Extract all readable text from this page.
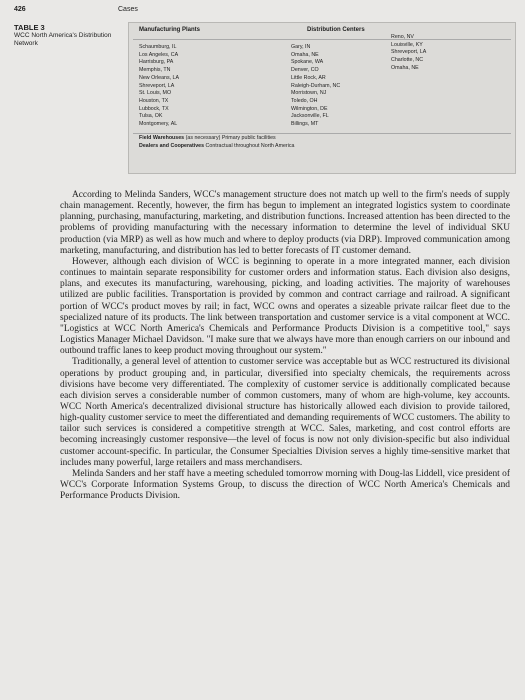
426	Cases
TABLE 3
WCC North America's Distribution Network
Manufacturing Plants	Distribution Centers
Schaumburg, IL
Los Angeles, CA
Harrisburg, PA
Memphis, TN
New Orleans, LA
Shreveport, LA
St. Louis, MO
Houston, TX
Lubbock, TX
Tulsa, OK
Montgomery, AL
Gary, IN
Omaha, NE
Spokane, WA
Denver, CO
Little Rock, AR
Raleigh-Durham, NC
Morristown, NJ
Toledo, OH
Wilmington, DE
Jacksonville, FL
Billings, MT
Reno, NV
Louisville, KY
Shreveport, LA
Charlotte, NC
Omaha, NE
Field Warehouses (as necessary) Primary public facilities
Dealers and Cooperatives Contractual throughout North America

According to Melinda Sanders, WCC's management structure does not match up well to the firm's needs of supply chain management. Recently, however, the firm has begun to implement an integrated logistics system to coordinate planning, purchasing, manufacturing, marketing, and distribution functions. Increased attention has been directed to the problems of providing manufacturing with the necessary information to determine the level of individual SKU production (via MRP) as well as how much and where to deploy products (via DRP). Improved communication among marketing, manufacturing, and distribution has led to better forecasts of IT customer demand.

However, although each division of WCC is beginning to operate in a more integrated manner, each division continues to maintain separate responsibility for customer orders and information status. Each division also designs, plans, and executes its manufacturing, warehousing, picking, and loading activities. The majority of warehouses utilized are public facilities. Transportation is provided by common and contract carriage and railroad. A significant portion of WCC's product moves by rail; in fact, WCC owns and operates a sizeable private railcar fleet due to the specialized nature of its products. The link between transportation and customer service is a vital component at WCC. "Logistics at WCC North America's Chemicals and Performance Products Division is a competitive tool," says Logistics Manager Michael Davidson. "I make sure that we always have more than enough carriers on our inbound and outbound traffic lanes to keep product moving throughout our system."

Traditionally, a general level of attention to customer service was acceptable but as WCC restructured its divisional operations by product grouping and, in particular, diversified into specialty chemicals, the requirements across divisions have become very differentiated. The complexity of customer service is additionally complicated because each division serves a considerable number of common customers, many of whom are high-volume, key accounts. WCC North America's decentralized divisional structure has historically allowed each division to provide tailored, high-quality customer service to meet the differentiated and demanding requirements of WCC customers. The ability to tailor such services is considered a competitive strength at WCC. Sales, marketing, and cost control efforts are becoming increasingly customer responsive—the level of focus is now not only division-specific but also individual customer account-specific. In particular, the Consumer Specialties Division serves a highly time-sensitive market that includes many powerful, large retailers and mass merchandisers.

Melinda Sanders and her staff have a meeting scheduled tomorrow morning with Doug-las Liddell, vice president of WCC's Corporate Information Systems Group, to discuss the direction of WCC North America's Chemicals and Performance Products Division.
